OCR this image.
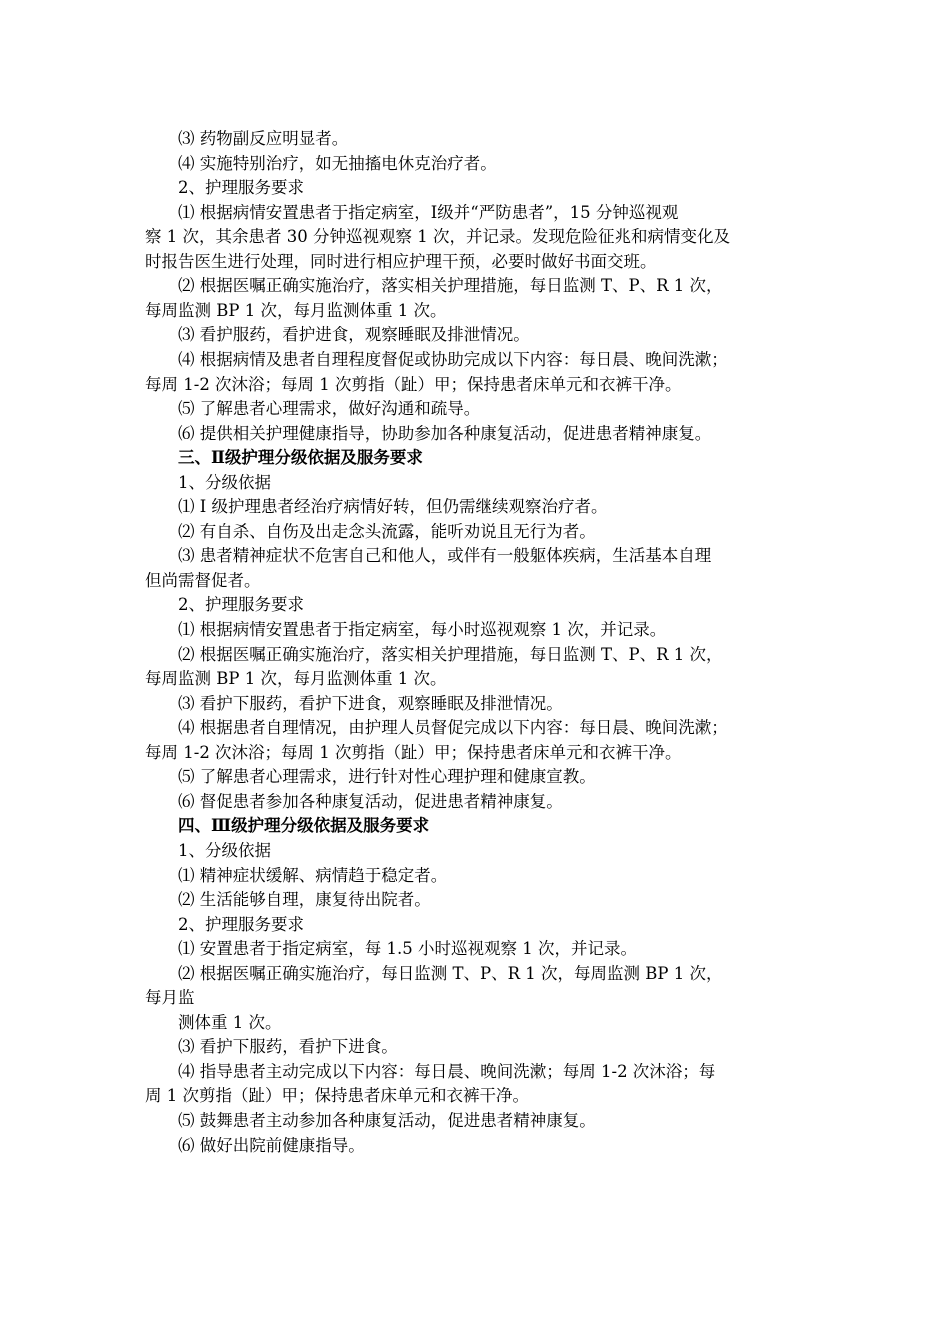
⑶ 药物副反应明显者。
⑷ 实施特别治疗，如无抽搐电休克治疗者。
2、护理服务要求
⑴ 根据病情安置患者于指定病室，Ⅰ级并“严防患者”，15 分钟巡视观
察 1 次，其余患者 30 分钟巡视观察 1 次，并记录。发现危险征兆和病情变化及
时报告医生进行处理，同时进行相应护理干预，必要时做好书面交班。
⑵ 根据医嘱正确实施治疗，落实相关护理措施，每日监测 T、P、R 1 次，
每周监测 BP 1 次，每月监测体重 1 次。
⑶ 看护服药，看护进食，观察睡眠及排泄情况。
⑷ 根据病情及患者自理程度督促或协助完成以下内容：每日晨、晚间洗漱；
每周 1-2 次沐浴；每周 1 次剪指（趾）甲；保持患者床单元和衣裤干净。
⑸ 了解患者心理需求，做好沟通和疏导。
⑹ 提供相关护理健康指导，协助参加各种康复活动，促进患者精神康复。
三、Ⅱ级护理分级依据及服务要求
1、分级依据
⑴ Ⅰ 级护理患者经治疗病情好转，但仍需继续观察治疗者。
⑵ 有自杀、自伤及出走念头流露，能听劝说且无行为者。
⑶ 患者精神症状不危害自己和他人，或伴有一般躯体疾病，生活基本自理
但尚需督促者。
2、护理服务要求
⑴ 根据病情安置患者于指定病室，每小时巡视观察 1 次，并记录。
⑵ 根据医嘱正确实施治疗，落实相关护理措施，每日监测 T、P、R 1 次，
每周监测 BP 1 次，每月监测体重 1 次。
⑶ 看护下服药，看护下进食，观察睡眠及排泄情况。
⑷ 根据患者自理情况，由护理人员督促完成以下内容：每日晨、晚间洗漱；
每周 1-2 次沐浴；每周 1 次剪指（趾）甲；保持患者床单元和衣裤干净。
⑸ 了解患者心理需求，进行针对性心理护理和健康宣教。
⑹ 督促患者参加各种康复活动，促进患者精神康复。
四、Ⅲ级护理分级依据及服务要求
1、分级依据
⑴ 精神症状缓解、病情趋于稳定者。
⑵ 生活能够自理，康复待出院者。
2、护理服务要求
⑴ 安置患者于指定病室，每 1.5 小时巡视观察 1 次，并记录。
⑵ 根据医嘱正确实施治疗，每日监测 T、P、R 1 次，每周监测 BP 1 次，
每月监
测体重 1 次。
⑶ 看护下服药，看护下进食。
⑷ 指导患者主动完成以下内容：每日晨、晚间洗漱；每周 1-2 次沐浴；每
周 1 次剪指（趾）甲；保持患者床单元和衣裤干净。
⑸ 鼓舞患者主动参加各种康复活动，促进患者精神康复。
⑹ 做好出院前健康指导。
